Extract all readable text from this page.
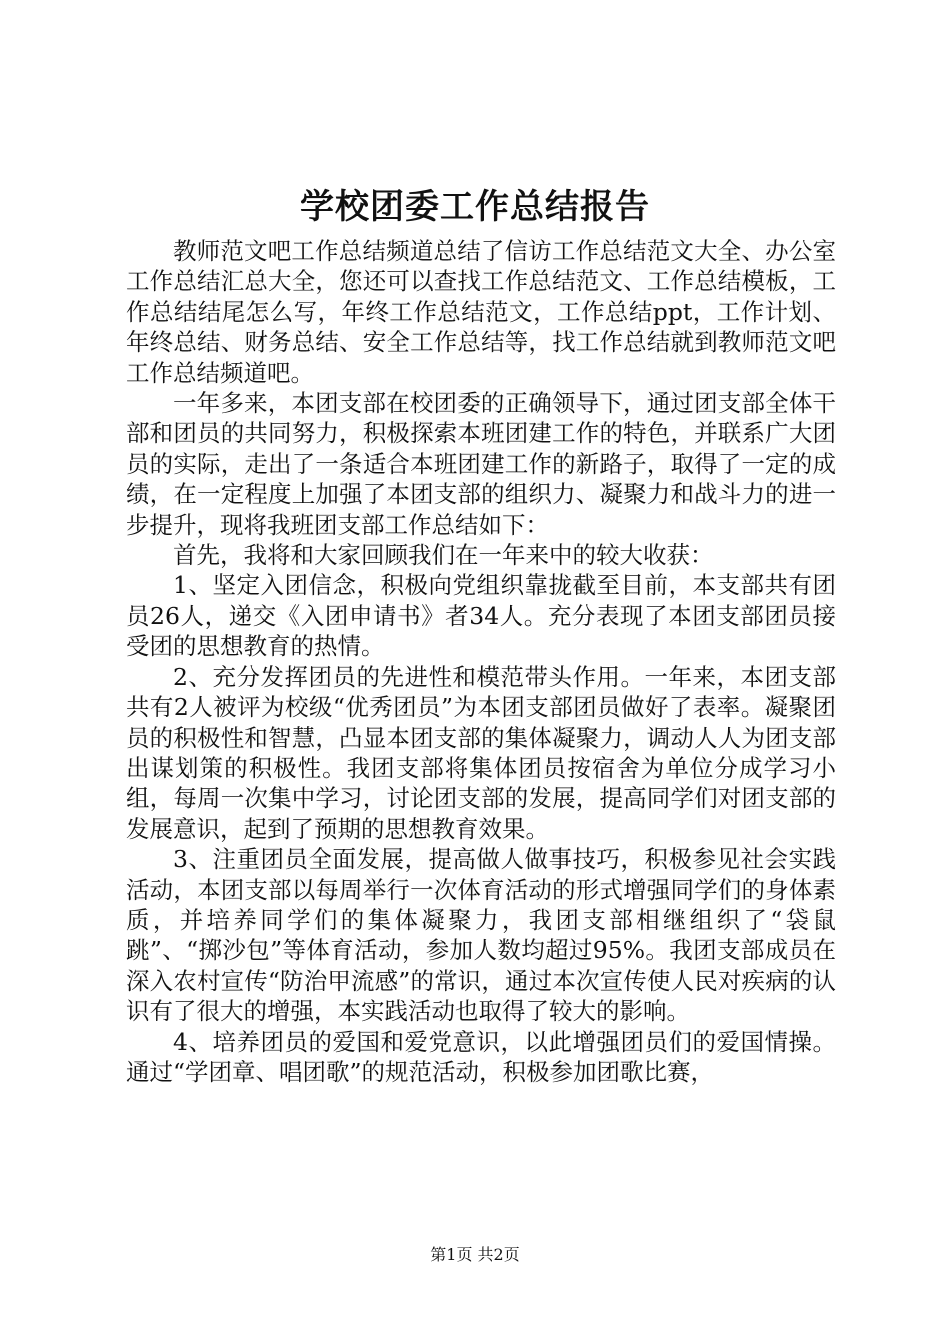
学校团委工作总结报告

教师范文吧工作总结频道总结了信访工作总结范文大全、办公室工作总结汇总大全，您还可以查找工作总结范文、工作总结模板，工作总结结尾怎么写，年终工作总结范文，工作总结ppt，工作计划、年终总结、财务总结、安全工作总结等，找工作总结就到教师范文吧工作总结频道吧。

一年多来，本团支部在校团委的正确领导下，通过团支部全体干部和团员的共同努力，积极探索本班团建工作的特色，并联系广大团员的实际，走出了一条适合本班团建工作的新路子，取得了一定的成绩，在一定程度上加强了本团支部的组织力、凝聚力和战斗力的进一步提升，现将我班团支部工作总结如下：

首先，我将和大家回顾我们在一年来中的较大收获：

1、坚定入团信念，积极向党组织靠拢截至目前，本支部共有团员26人，递交《入团申请书》者34人。充分表现了本团支部团员接受团的思想教育的热情。

2、充分发挥团员的先进性和模范带头作用。一年来，本团支部共有2人被评为校级“优秀团员”为本团支部团员做好了表率。凝聚团员的积极性和智慧，凸显本团支部的集体凝聚力，调动人人为团支部出谋划策的积极性。我团支部将集体团员按宿舍为单位分成学习小组，每周一次集中学习，讨论团支部的发展，提高同学们对团支部的发展意识，起到了预期的思想教育效果。

3、注重团员全面发展，提高做人做事技巧，积极参见社会实践活动，本团支部以每周举行一次体育活动的形式增强同学们的身体素质，并培养同学们的集体凝聚力，我团支部相继组织了“袋鼠跳”、“掷沙包”等体育活动，参加人数均超过95%。我团支部成员在深入农村宣传“防治甲流感”的常识，通过本次宣传使人民对疾病的认识有了很大的增强，本实践活动也取得了较大的影响。

4、培养团员的爱国和爱党意识，以此增强团员们的爱国情操。通过“学团章、唱团歌”的规范活动，积极参加团歌比赛，

第1页 共2页
